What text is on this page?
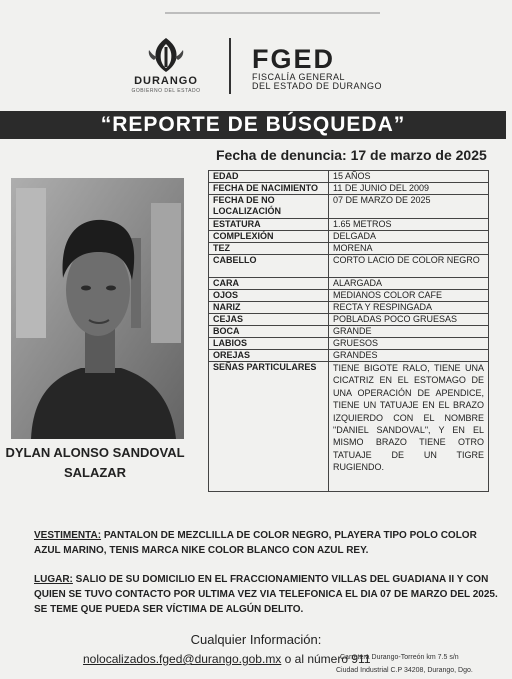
DURANGO
GOBIERNO DEL ESTADO
FGED
FISCALÍA GENERAL
DEL ESTADO DE DURANGO
“REPORTE DE BÚSQUEDA”
Fecha de denuncia: 17 de marzo de 2025
DYLAN ALONSO SANDOVAL
SALAZAR
EDAD	15 AÑOS
FECHA DE NACIMIENTO	11 DE JUNIO DEL 2009
FECHA DE NO LOCALIZACIÓN	07 DE MARZO DE 2025
ESTATURA	1.65 METROS
COMPLEXIÓN	DELGADA
TEZ	MORENA
CABELLO	CORTO LACIO DE COLOR NEGRO
CARA	ALARGADA
OJOS	MEDIANOS COLOR CAFE
NARIZ	RECTA Y RESPINGADA
CEJAS	POBLADAS POCO GRUESAS
BOCA	GRANDE
LABIOS	GRUESOS
OREJAS	GRANDES
SEÑAS PARTICULARES	TIENE BIGOTE RALO, TIENE UNA CICATRIZ EN EL ESTOMAGO DE UNA OPERACIÓN DE APENDICE, TIENE UN TATUAJE EN EL BRAZO IZQUIERDO CON EL NOMBRE "DANIEL SANDOVAL", Y EN EL MISMO BRAZO TIENE OTRO TATUAJE DE UN TIGRE RUGIENDO.
VESTIMENTA: PANTALON DE MEZCLILLA DE COLOR NEGRO, PLAYERA TIPO POLO COLOR AZUL MARINO, TENIS MARCA NIKE COLOR BLANCO CON AZUL REY.
LUGAR: SALIO DE SU DOMICILIO EN EL FRACCIONAMIENTO VILLAS DEL GUADIANA II Y CON QUIEN SE TUVO CONTACTO POR ULTIMA VEZ VIA TELEFONICA EL DIA 07 DE MARZO DEL 2025. SE TEME QUE PUEDA SER VÍCTIMA DE ALGÚN DELITO.
Cualquier Información:
nolocalizados.fged@durango.gob.mx o al número 911
Carretera Durango-Torreón km 7.5 s/n
Ciudad Industrial C.P 34208, Durango, Dgo.
